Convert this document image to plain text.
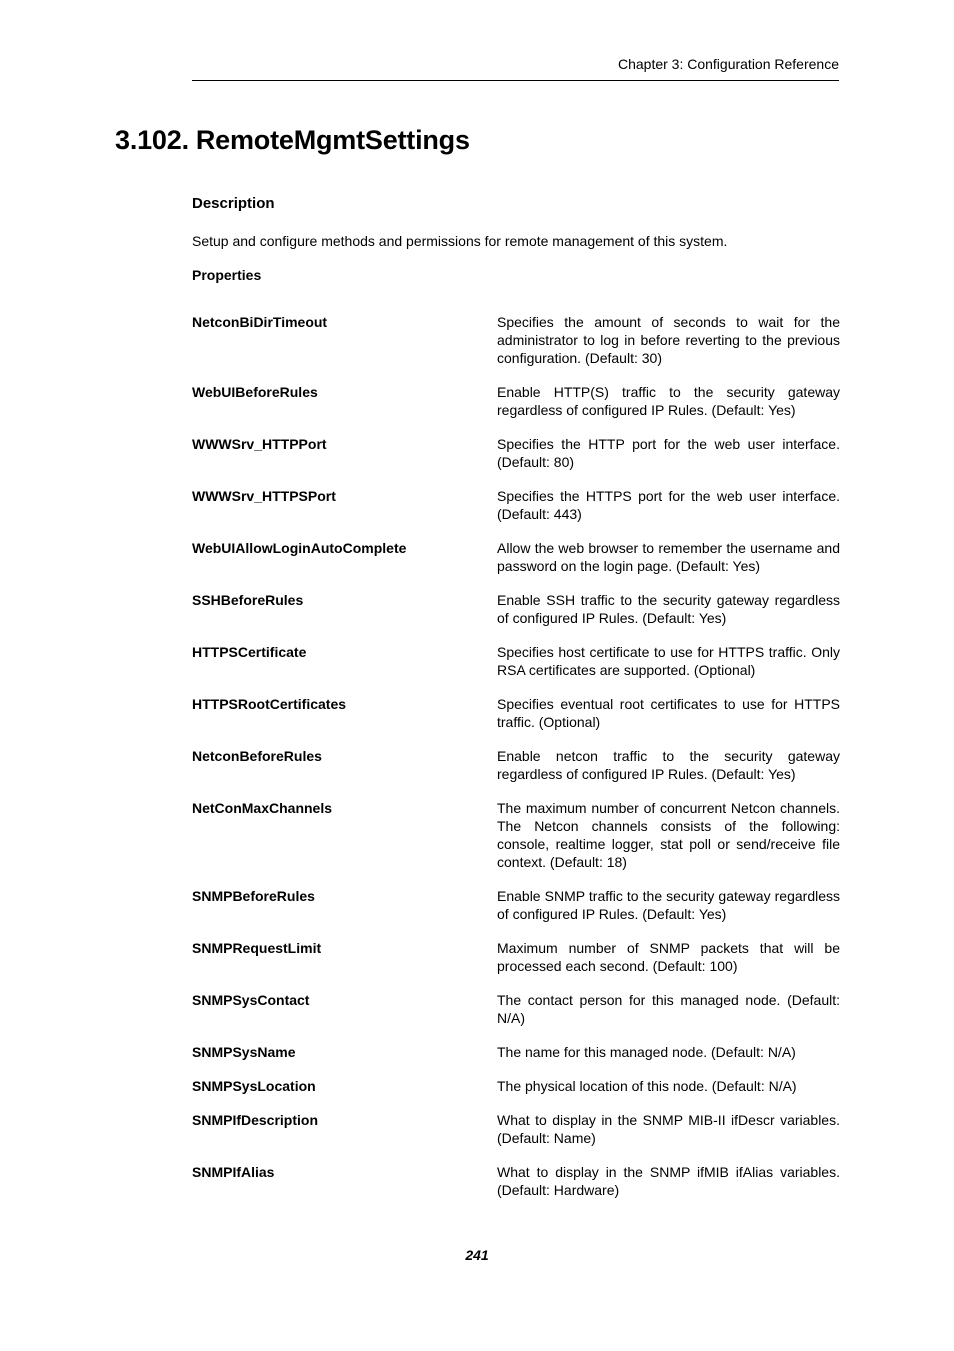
Chapter 3: Configuration Reference
3.102. RemoteMgmtSettings
Description

Setup and configure methods and permissions for remote management of this system.

Properties
NetconBiDirTimeout	Specifies the amount of seconds to wait for the administrator to log in before reverting to the previous configuration. (Default: 30)
WebUIBeforeRules	Enable HTTP(S) traffic to the security gateway regardless of configured IP Rules. (Default: Yes)
WWWSrv_HTTPPort	Specifies the HTTP port for the web user interface. (Default: 80)
WWWSrv_HTTPSPort	Specifies the HTTPS port for the web user interface. (Default: 443)
WebUIAllowLoginAutoComplete	Allow the web browser to remember the username and password on the login page. (Default: Yes)
SSHBeforeRules	Enable SSH traffic to the security gateway regardless of configured IP Rules. (Default: Yes)
HTTPSCertificate	Specifies host certificate to use for HTTPS traffic. Only RSA certificates are supported. (Optional)
HTTPSRootCertificates	Specifies eventual root certificates to use for HTTPS traffic. (Optional)
NetconBeforeRules	Enable netcon traffic to the security gateway regardless of configured IP Rules. (Default: Yes)
NetConMaxChannels	The maximum number of concurrent Netcon channels. The Netcon channels consists of the following: console, realtime logger, stat poll or send/receive file context. (Default: 18)
SNMPBeforeRules	Enable SNMP traffic to the security gateway regardless of configured IP Rules. (Default: Yes)
SNMPRequestLimit	Maximum number of SNMP packets that will be processed each second. (Default: 100)
SNMPSysContact	The contact person for this managed node. (Default: N/A)
SNMPSysName	The name for this managed node. (Default: N/A)
SNMPSysLocation	The physical location of this node. (Default: N/A)
SNMPIfDescription	What to display in the SNMP MIB-II ifDescr variables. (Default: Name)
SNMPIfAlias	What to display in the SNMP ifMIB ifAlias variables. (Default: Hardware)
241
